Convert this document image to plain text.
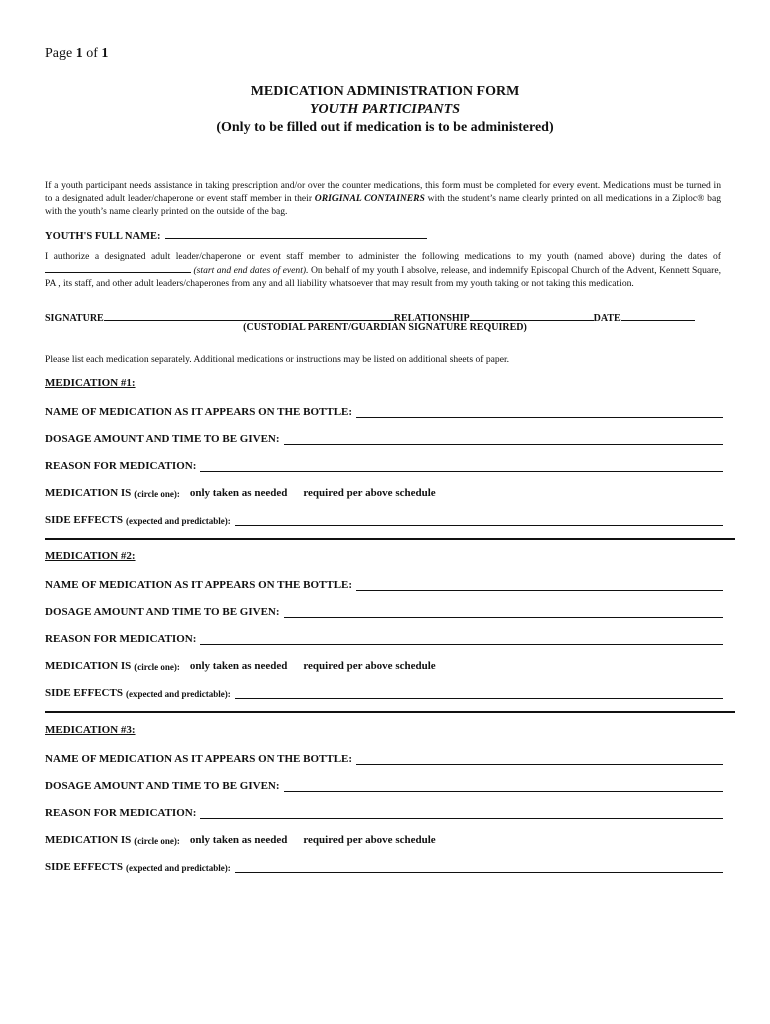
Page 1 of 1
MEDICATION ADMINISTRATION FORM
YOUTH PARTICIPANTS
(Only to be filled out if medication is to be administered)
If a youth participant needs assistance in taking prescription and/or over the counter medications, this form must be completed for every event. Medications must be turned in to a designated adult leader/chaperone or event staff member in their ORIGINAL CONTAINERS with the student’s name clearly printed on all medications in a Ziploc® bag with the youth’s name clearly printed on the outside of the bag.
YOUTH'S FULL NAME:
I authorize a designated adult leader/chaperone or event staff member to administer the following medications to my youth (named above) during the dates of  (start and end dates of event). On behalf of my youth I absolve, release, and indemnify Episcopal Church of the Advent, Kennett Square, PA , its staff, and other adult leaders/chaperones from any and all liability whatsoever that may result from my youth taking or not taking this medication.
SIGNATURE	RELATIONSHIP	DATE
(CUSTODIAL PARENT/GUARDIAN SIGNATURE REQUIRED)
Please list each medication separately. Additional medications or instructions may be listed on additional sheets of paper.
MEDICATION #1:
NAME OF MEDICATION AS IT APPEARS ON THE BOTTLE:
DOSAGE AMOUNT AND TIME TO BE GIVEN:
REASON FOR MEDICATION:
MEDICATION IS (circle one): only taken as needed required per above schedule
SIDE EFFECTS (expected and predictable):
MEDICATION #2:
NAME OF MEDICATION AS IT APPEARS ON THE BOTTLE:
DOSAGE AMOUNT AND TIME TO BE GIVEN:
REASON FOR MEDICATION:
MEDICATION IS (circle one): only taken as needed required per above schedule
SIDE EFFECTS (expected and predictable):
MEDICATION #3:
NAME OF MEDICATION AS IT APPEARS ON THE BOTTLE:
DOSAGE AMOUNT AND TIME TO BE GIVEN:
REASON FOR MEDICATION:
MEDICATION IS (circle one): only taken as needed required per above schedule
SIDE EFFECTS (expected and predictable):
